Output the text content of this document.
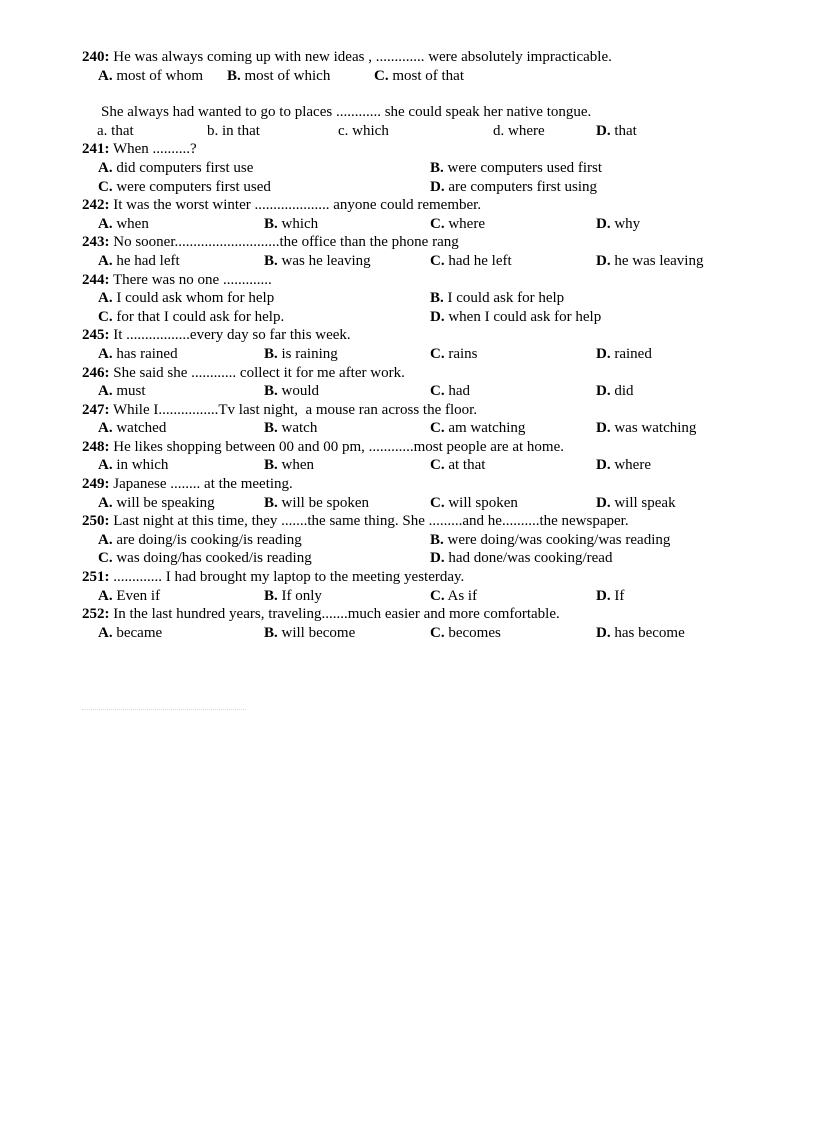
240: He was always coming up with new ideas , ............. were absolutely impracticable.

A. most of whom

B. most of which

	C. most of that

She always had wanted to go to places ............ she could speak her native tongue.

a. that

	b. in that

	c. which

	d. where

	D. that

241: When ..........?

A. did computers first use

	B. were computers used first

C. were computers first used

	D. are computers first using

242: It was the worst winter .................... anyone could remember.

A. when

	B. which

	C. where

	D. why

243: No sooner............................the office than the phone rang

A. he had left

	B. was he leaving

	C. had he left

	D. he was leaving

244: There was no one .............

A. I could ask whom for help

	B. I could ask for help

C. for that I could ask for help.

	D. when I could ask for help

245: It .................every day so far this week.

A. has rained

	B. is raining

	C. rains

	D. rained

246: She said she ............ collect it for me after work.

A. must

	B. would

	C. had

	D. did

247: While I................Tv last night,  a mouse ran across the floor.

A. watched

	B. watch

	C. am watching

	D. was watching

248: He likes shopping between 00 and 00 pm, ............most people are at home.

A. in which

	B. when

	C. at that

	D. where

249: Japanese ........ at the meeting.

A. will be speaking

	B. will be spoken

	C. will spoken

	D. will speak

250: Last night at this time, they .......the same thing. She .........and he..........the newspaper.

A. are doing/is cooking/is reading

	B. were doing/was cooking/was reading

C. was doing/has cooked/is reading

	D. had done/was cooking/read

251: ............. I had brought my laptop to the meeting yesterday.

A. Even if

	B. If only

	C. As if

	D. If

252: In the last hundred years, traveling.......much easier and more comfortable.

A. became

	B. will become

	C. becomes

	D. has become
